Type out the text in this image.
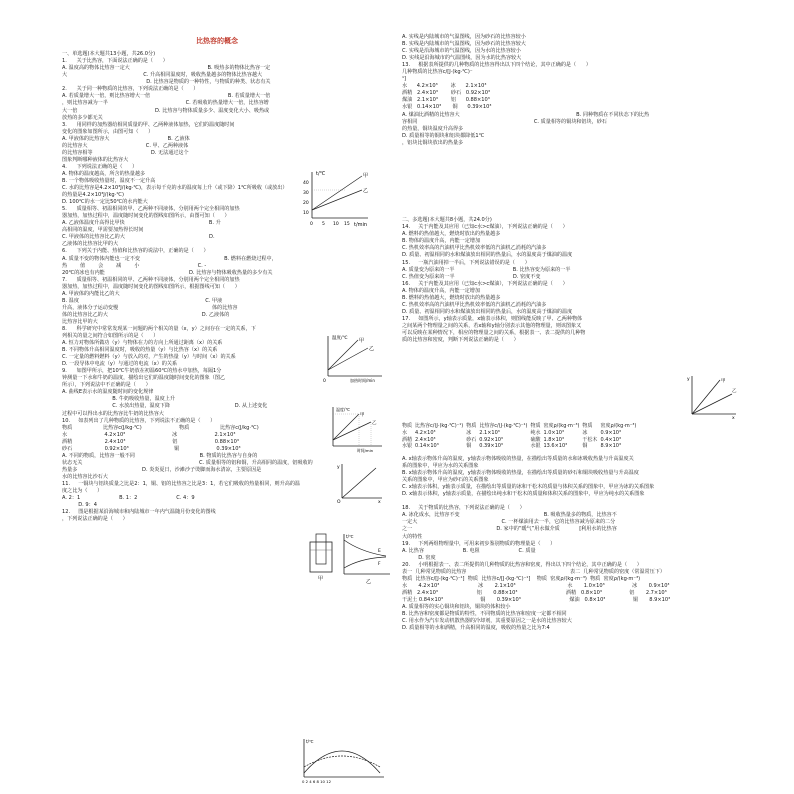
比热容的概念

一、单选题(本大题共13小题，共26.0分)

1.      关于比热容，下面说法正确的是（      ）

A. 温度高的物体比热容一定大                                                B. 吸热多的物体比热容一定

大                                               C. 升高相同温度时，吸收热量越多的物体比热容越大

D. 比热容是物质的一种特性，与物质的种类、状态有关

2.      关于同一种物质的比热容，下列说法正确的是（      ）

A. 若质量增大一倍，则比热容增大一倍                                                B. 若质量增大一倍

，则比热容减为一半                                                C. 若吸收的热量增大一倍，比热容增

大一倍                                                D. 比热容与物体质量多少、温度变化大小、吸热或

放热的多少都无关

3.      用同样的加热器给相同质量的甲、乙两种液体加热，它们的温度随时间

变化的图象如图所示，由图可知（      ）

A. 甲液体的比热容大                                    B. 乙液体

的比热容大                                    C. 甲、乙两种液体

的比热容相等                                    D. 无法通过这个

图象判断哪种液体的比热容大

4.      下列说法正确的是（      ）

A. 物体的温度越高，所含的热量越多

B. 一个物体吸收热量时，温度不一定升高

C. 水的比热容是4.2×10³J/(kg·℃)，表示每千克的水的温度每上升（或下降）1℃所吸收（或放出）

的热量是4.2×10³J/(kg·℃)

D. 100℃的水一定比50℃的水内能大

5.      质量相等、初温相同的甲、乙两种不同液体，分别用两个完全相同的加热

器加热，加热过程中，温度随时间变化的图线如图所示，由图可知（      ）

A. 乙液体温度升高得比甲快                                                    B. 升

高相同的温度，甲需要加热得长时间

C. 甲液体的比热容比乙的大                                                    D.

乙液体的比热容比甲的大

6.      下列关于内能、热值和比热容的说法中，正确的是（      ）

A. 质量不变的物体内能也一定不变                                                    B. 燃料在燃烧过程中，

热        值        会        减        小                                    C. -

20℃的冰也有内能                                                    D. 比热容与物体吸收热量的多少有关

7.      质量相等、初温相同的甲、乙两种不同液体，分别用两个完全相同的加热

器加热，加热过程中，温度随时间变化的图线如图所示，根据图线可知（      ）

A. 甲液体的内能比乙的大

B. 温度                                                                              C. 甲液

升高，液体分子运动变慢                                                          体的比热容

体的比热容比乙的大                                                          D. 乙液体的

比热容比甲的大

8.      科学研究中常常发现某一问题的两个相关的量（x，y）之间存在一定的关系，下

列相关的量之间符合如图所示的是（      ）

A. 恒力对物体所做功（y）与物体在力的方向上所通过距离（x）的关系

B. 不同物体升高相同温度时，吸收的热量（y）与比热容（x）的关系

C. 一定量的燃料燃料（y）与放入的对，产生的热量（y）与时间（x）的关系

D. 一段导体中电流（y）与通过的电流（x）的关系

9.      如图甲所示，把10℃牛奶放在初温60℃的热水中加热，每隔1分

钟测量一下水和牛奶的温度，描绘出它们的温度随时间变化的图象（图乙

所示），下列说法中不正确的是（      ）

A. 曲线E表示水的温度随时间的变化规律

B. 牛奶吸收热量，温度上升

C. 水放出热量，温度下降                                        D. 从上述变化

过程中可以得出水的比热容比牛奶的比热容大

10.     如表列出了几种物质的比热容，下列说法不正确的是（      ）

物质                   比热容c(J/kg·℃)                       物质                   比热容c(J/kg·℃)

水                       4.2×10³                             冰                       2.1×10³

酒精                    2.4×10³                             铝                       0.88×10³

砂石                    0.92×10³                            铜                       0.39×10³

A. 不同的物质，比热容一般不同                                        B. 物质的比热容与自身的

状态无关                                                                        C. 质量相等的铝和铜，升高相同的温度，铝吸收的

热量多                                        D. 炎炎夏日，沙滩沙子烫脚而海水清凉，主要原因是

水的比热容比沙石大

11.     一铜块与铝块质量之比是2：1，铜、铝的比热容之比是3：1，若它们吸收的热量相同，则升高的温

度之比为（      ）

A. 2：1                        B. 1：2                        C. 4：9

D. 9：4

12.     图是根据某沿海城市和内陆城市一年内气温随月份变化的图线

，下列说法正确的是（      ）

A. 实线是内陆城市的气温图线，因为砂石的比热容较小

B. 实线是内陆城市的气温图线，因为砂石的比热容较大

C. 实线是沿海城市的气温图线，因为水的比热容较小

D. 实线是沿海城市的气温图线，因为水的比热容较大

13.     根据表所提供的几种物质的比热容得出以下四个结论，其中正确的是（      ）

几种物质的比热容c/[J·(kg·℃)⁻

¹]

水      4.2×10³        冰      2.1×10³

酒精   2.4×10³        砂石   0.92×10³

煤油   2.1×10³        铝      0.88×10³

水银   0.14×10³       铜      0.39×10³

A. 煤油比酒精的比热容大                                                                        B. 同种物质在不同状态下的比热

容相同                                                                        C. 质量相等的铜块和铝块，砂石

的热量，铜块温度升高得多

D. 质量相等的铜块和铝块都降低1℃

，铝块比铜块放出的热量多

二、多选题(本大题共8小题，共24.0分)

14.     关于内能及其应用（已知c水>c煤油），下列说法正确的是（      ）

A. 燃料的热值越大，燃烧时放出的热量越多

B. 物体的温度升高，内能一定增加

C. 热机效率高的汽油机甲比热机效率低的汽油机乙消耗的汽油多

D. 质量、初温相同的水和煤油放出相同的热量后，水的温度高于煤油的温度

15.     一瓶汽油用掉一半后，下列说法错误的是（      ）

A. 质量变为原来的一半                                    B. 比热容变为原来的一半

C. 热值变为原来的一半                                    D. 密度不变

16.     关于内能及其应用（已知c水>c煤油），下列说法正确的是（      ）

A. 物体的温度升高，内能一定增加

B. 燃料的热值越大，燃烧时放出的热量越多

C. 热机效率高的汽油机甲比热机效率低的汽油机乙消耗的汽油多

D. 质量、初温相同的水和煤油放出相同的热量后，水的温度高于煤油的温度

17.     如图所示，y轴表示质量，x轴表示体积，则图线能反映了甲、乙两种物体

之间某两个物理量之间的关系，若x轴和y轴分别表示其他的物理量，则该图象又

可以反映在某种情况下，相应的物理量之间的关系，根据表一、表二提供的几种物

质的比热容和密度，判断下列说法正确的是（      ）

t/℃
t/min
甲
乙
40
30
20
10
0 5 10 15
温度/℃ 甲
乙
0	加热时间/min
温度/℃
甲
乙
时间/min
y
x
O
甲
t/℃
E
F
乙
t/℃
0 2 4 6 8 10 12
甲
乙
y
x
物质	比热容c/(J·(kg·℃)⁻¹)	物质	比热容c/(J·(kg·℃)⁻¹)	物质	密度ρ/(kg·m⁻³)	物质	密度ρ/(kg·m⁻³)
水	4.2×10³	冰	2.1×10³	纯水	1.0×10³	冰	0.9×10³
酒精	2.4×10³	砂石	0.92×10³	硫酸	1.8×10³	干松木	0.4×10³
水银	0.14×10³	铜	0.39×10³	水银	13.6×10³	铜	8.9×10³

A. x轴表示物体升高的温度，y轴表示物体吸收的热量，在描绘出等质量的水和冰吸收热量与升高温度关

系的图象中，甲应为水的关系图象

B. x轴表示物体升高的温度，y轴表示物体吸收的热量，在描绘出等质量的砂石和铜块吸收热量与升高温度

关系的图象中，甲应为砂石的关系图象

C. x轴表示体积，y轴表示质量，在描绘出等质量的冰和干松木的质量与体积关系的图象中，甲应为冰的关系图象

D. x轴表示体积，y轴表示质量，在描绘出纯水和干松木的质量和体积关系的图象中，甲应为纯水的关系图象

18.     关于物质的比热容，下列说法正确的是（      ）

A. 冰化成水，比热容不变                                                    B. 吸收热量多的物质，比热容不

一定大                                                    C. 一杯煤油用去一半，它的比热容减为原来的二分

之一                                                    D. 家中的“暖气”用水做介质            [利用水的比热容

大的特性

19.     下列两组物理量中，可用来初步鉴别物质的物理量是（      ）

A. 比热容                        B. 电阻                        C. 质量

D. 密度

20.     小明根据表一、表二所提供的几种物质的比热容和密度，得出以下四个结论，其中正确的是（      ）

表一  几种常见物质的比热容                                                                表二  几种常见物质的密度（常温常压下）

物质  比热容c/[J·(kg·℃)⁻¹]  物质  比热容c/[J·(kg·℃)⁻¹]    物质  密度ρ/(kg·m⁻³)  物质  密度ρ/(kg·m⁻³)

水       4.2×10³                        冰       2.1×10³                                水       1.0×10³                 冰       0.9×10³

酒精   2.4×10³                        铝       0.88×10³                              酒精   0.8×10³                 铝       2.7×10³

干泥土 0.84×10³                       铜       0.39×10³                              煤油   0.8×10³                 铜       8.9×10³

A. 质量相等的实心铜块和铝块，铜块的体积较小

B. 比热容和密度都是物质的特性，不同物质的比热容和密度一定都不相同

C. 用水作为汽车发动机散热器的冷却剂，其重要原因之一是水的比热容较大

D. 质量相等的水和酒精，升高相同的温度，吸收的热量之比为7:4
